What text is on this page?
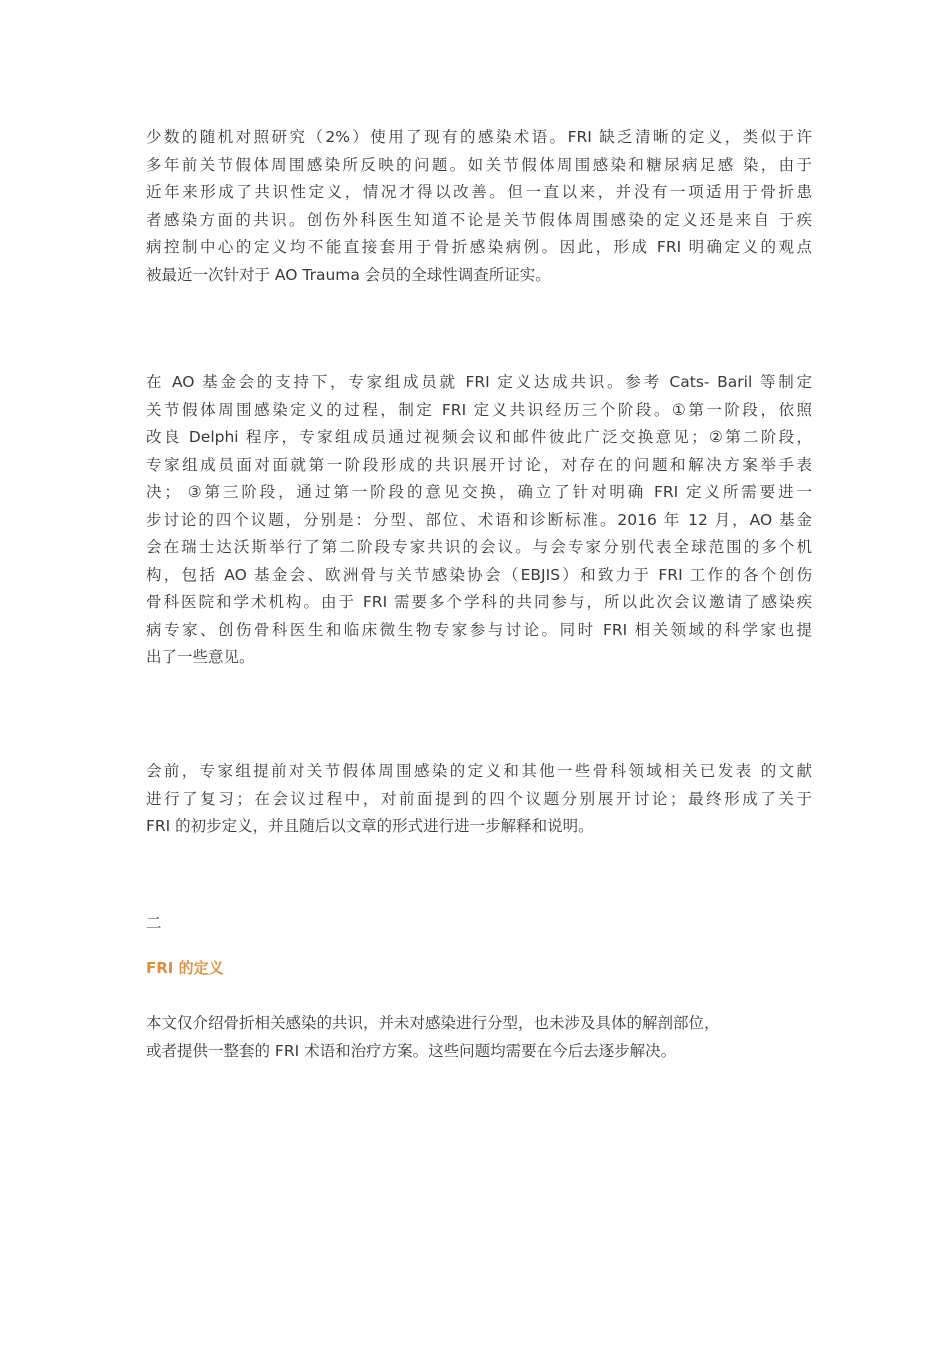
少数的随机对照研究（2%）使用了现有的感染术语。FRI 缺乏清晰的定义，类似于许
多年前关节假体周围感染所反映的问题。如关节假体周围感染和糖尿病足感 染，由于
近年来形成了共识性定义，情况才得以改善。但一直以来，并没有一项适用于骨折患
者感染方面的共识。创伤外科医生知道不论是关节假体周围感染的定义还是来自 于疾
病控制中心的定义均不能直接套用于骨折感染病例。因此，形成 FRI 明确定义的观点
被最近一次针对于 AO Trauma 会员的全球性调查所证实。
在 AO 基金会的支持下，专家组成员就 FRI 定义达成共识。参考 Cats‐ Baril 等制定
关节假体周围感染定义的过程，制定 FRI 定义共识经历三个阶段。①第一阶段，依照
改良 Delphi 程序，专家组成员通过视频会议和邮件彼此广泛交换意见；②第二阶段，
专家组成员面对面就第一阶段形成的共识展开讨论，对存在的问题和解决方案举手表
决； ③第三阶段，通过第一阶段的意见交换，确立了针对明确 FRI 定义所需要进一
步讨论的四个议题，分别是：分型、部位、术语和诊断标准。2016 年 12 月，AO 基金
会在瑞士达沃斯举行了第二阶段专家共识的会议。与会专家分别代表全球范围的多个机
构，包括 AO 基金会、欧洲骨与关节感染协会（EBJIS）和致力于 FRI 工作的各个创伤
骨科医院和学术机构。由于 FRI 需要多个学科的共同参与，所以此次会议邀请了感染疾
病专家、创伤骨科医生和临床微生物专家参与讨论。同时 FRI 相关领域的科学家也提
出了一些意见。
会前，专家组提前对关节假体周围感染的定义和其他一些骨科领域相关已发表 的文献
进行了复习；在会议过程中，对前面提到的四个议题分别展开讨论；最终形成了关于
FRI 的初步定义，并且随后以文章的形式进行进一步解释和说明。
二
FRI 的定义
本文仅介绍骨折相关感染的共识，并未对感染进行分型，也未涉及具体的解剖部位，
或者提供一整套的 FRI 术语和治疗方案。这些问题均需要在今后去逐步解决。
